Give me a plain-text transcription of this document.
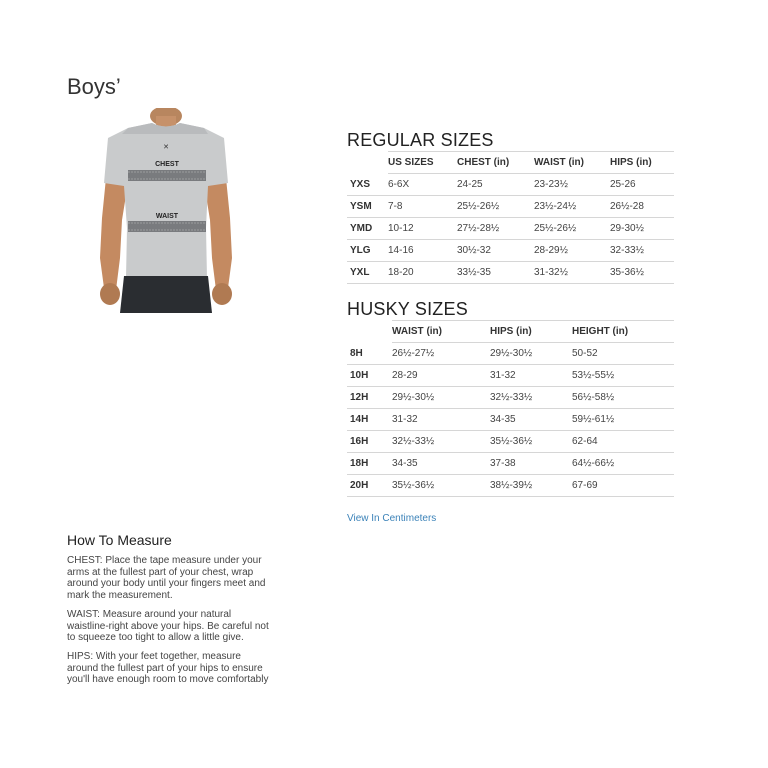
Boys’
✕
CHEST
WAIST
REGULAR SIZES
	US SIZES	CHEST (in)	WAIST (in)	HIPS (in)
YXS	6-6X	24-25	23-23½	25-26
YSM	7-8	25½-26½	23½-24½	26½-28
YMD	10-12	27½-28½	25½-26½	29-30½
YLG	14-16	30½-32	28-29½	32-33½
YXL	18-20	33½-35	31-32½	35-36½
HUSKY SIZES
	WAIST (in)	HIPS (in)	HEIGHT (in)
8H	26½-27½	29½-30½	50-52
10H	28-29	31-32	53½-55½
12H	29½-30½	32½-33½	56½-58½
14H	31-32	34-35	59½-61½
16H	32½-33½	35½-36½	62-64
18H	34-35	37-38	64½-66½
20H	35½-36½	38½-39½	67-69
View In Centimeters
How To Measure

CHEST: Place the tape measure under your arms at the fullest part of your chest, wrap around your body until your fingers meet and mark the measurement.

WAIST: Measure around your natural waistline-right above your hips. Be careful not to squeeze too tight to allow a little give.

HIPS: With your feet together, measure around the fullest part of your hips to ensure you'll have enough room to move comfortably
